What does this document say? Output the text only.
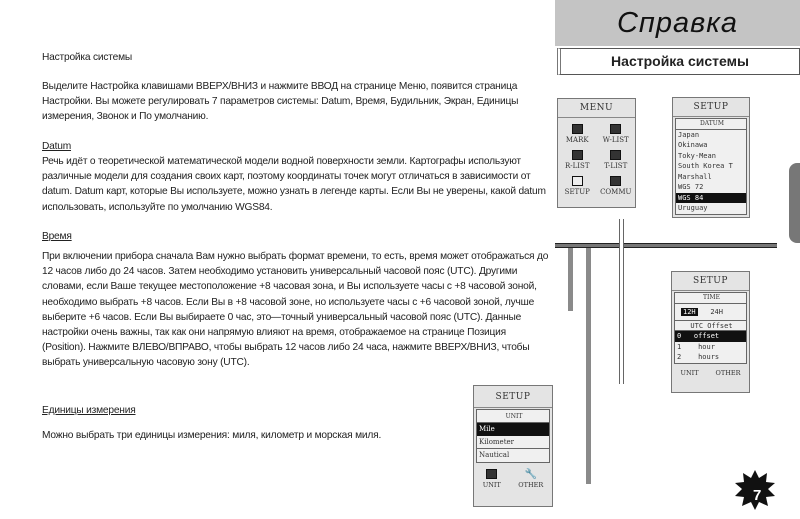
Справка
Настройка системы
Настройка системы
Выделите Настройка клавишами ВВЕРХ/ВНИЗ и нажмите ВВОД на странице Меню, появится страница Настройки. Вы можете регулировать 7 параметров системы: Datum, Время, Будильник, Экран, Единицы измерения, Звонок и По умолчанию.
Datum
Речь идёт о теоретической математической модели водной поверхности земли. Картографы используют различные модели для создания своих карт, поэтому координаты точек могут отличаться в зависимости от datum. Datum карт, которые Вы используете, можно узнать в легенде карты. Если Вы не уверены, какой datum использовать, используйте по умолчанию WGS84.
Время
При включении прибора сначала Вам нужно выбрать формат времени, то есть, время может отображаться до 12 часов либо до 24 часов. Затем необходимо установить универсальный часовой пояс (UTC). Другими словами, если Ваше текущее местоположение +8 часовая зона, и Вы используете часы с +8 часовой зоной, необходимо выбрать +8 часов. Если Вы в +8 часовой зоне, но используете часы с +6 часовой зоной, лучше выберите +6 часов. Если Вы выбираете 0 час, это—точный универсальный часовой пояс (UTC). Данные настройки очень важны, так как они напрямую влияют на время, отображаемое на странице Позиция (Position). Нажмите ВЛЕВО/ВПРАВО, чтобы выбрать 12 часов либо 24 часа, нажмите ВВЕРХ/ВНИЗ, чтобы выбрать универсальную часовую зону (UTC).
Единицы измерения
Можно выбрать три единицы измерения: миля, километр и морская миля.
MENU
MARK	W-LIST
R-LIST	T-LIST
SETUP	COMMU
SETUP
DATUM
Japan
Okinawa
Toky-Mean
South Korea T
Marshall
WGS 72
WGS 84
Uruguay
SETUP
TIME
12H 24H
UTC Offset
0   offset
1    hour
2    hours
UNIT	OTHER
SETUP
UNIT
Mile
Kilometer
Nautical
UNIT
🔧
OTHER
7
